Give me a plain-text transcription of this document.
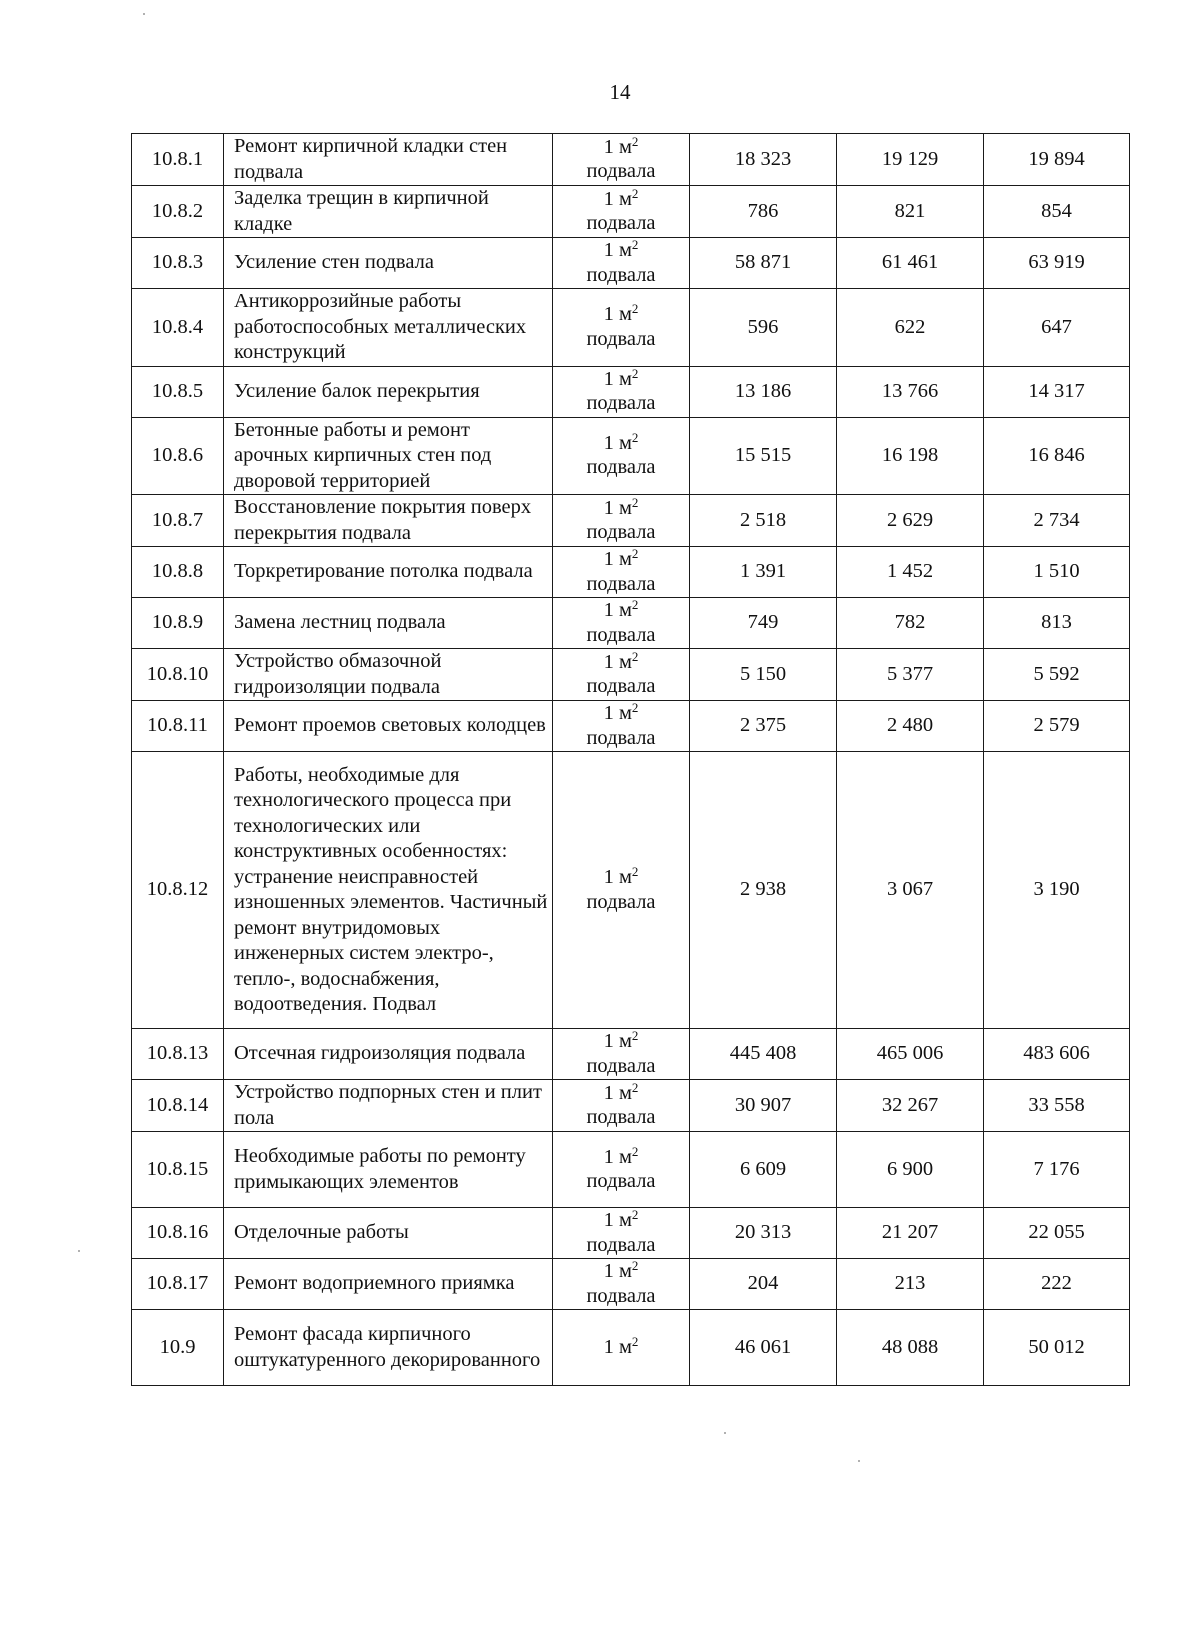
14
10.8.1	Ремонт кирпичной кладки стен подвала	1 $м^2$
подвала	18 323	19 129	19 894
10.8.2	Заделка трещин в кирпичной кладке	1 $м^2$
подвала	786	821	854
10.8.3	Усиление стен подвала	1 $м^2$
подвала	58 871	61 461	63 919
10.8.4	Антикоррозийные работы работоспособных металлических конструкций	1 $м^2$
подвала	596	622	647
10.8.5	Усиление балок перекрытия	1 $м^2$
подвала	13 186	13 766	14 317
10.8.6	Бетонные работы и ремонт арочных кирпичных стен под дворовой территорией	1 $м^2$
подвала	15 515	16 198	16 846
10.8.7	Восстановление покрытия поверх перекрытия подвала	1 $м^2$
подвала	2 518	2 629	2 734
10.8.8	Торкретирование потолка подвала	1 $м^2$
подвала	1 391	1 452	1 510
10.8.9	Замена лестниц подвала	1 $м^2$
подвала	749	782	813
10.8.10	Устройство обмазочной гидроизоляции подвала	1 $м^2$
подвала	5 150	5 377	5 592
10.8.11	Ремонт проемов световых колодцев	1 $м^2$
подвала	2 375	2 480	2 579
10.8.12	Работы, необходимые для технологического процесса при технологических или конструктивных особенностях: устранение неисправностей изношенных элементов. Частичный ремонт внутридомовых инженерных систем электро-, тепло-, водоснабжения, водоотведения. Подвал	1 $м^2$
подвала	2 938	3 067	3 190
10.8.13	Отсечная гидроизоляция подвала	1 $м^2$
подвала	445 408	465 006	483 606
10.8.14	Устройство подпорных стен и плит пола	1 $м^2$
подвала	30 907	32 267	33 558
10.8.15	Необходимые работы по ремонту примыкающих элементов	1 $м^2$
подвала	6 609	6 900	7 176
10.8.16	Отделочные работы	1 $м^2$
подвала	20 313	21 207	22 055
10.8.17	Ремонт водоприемного приямка	1 $м^2$
подвала	204	213	222
10.9	Ремонт фасада кирпичного оштукатуренного декорированного	1 $м^2$	46 061	48 088	50 012
